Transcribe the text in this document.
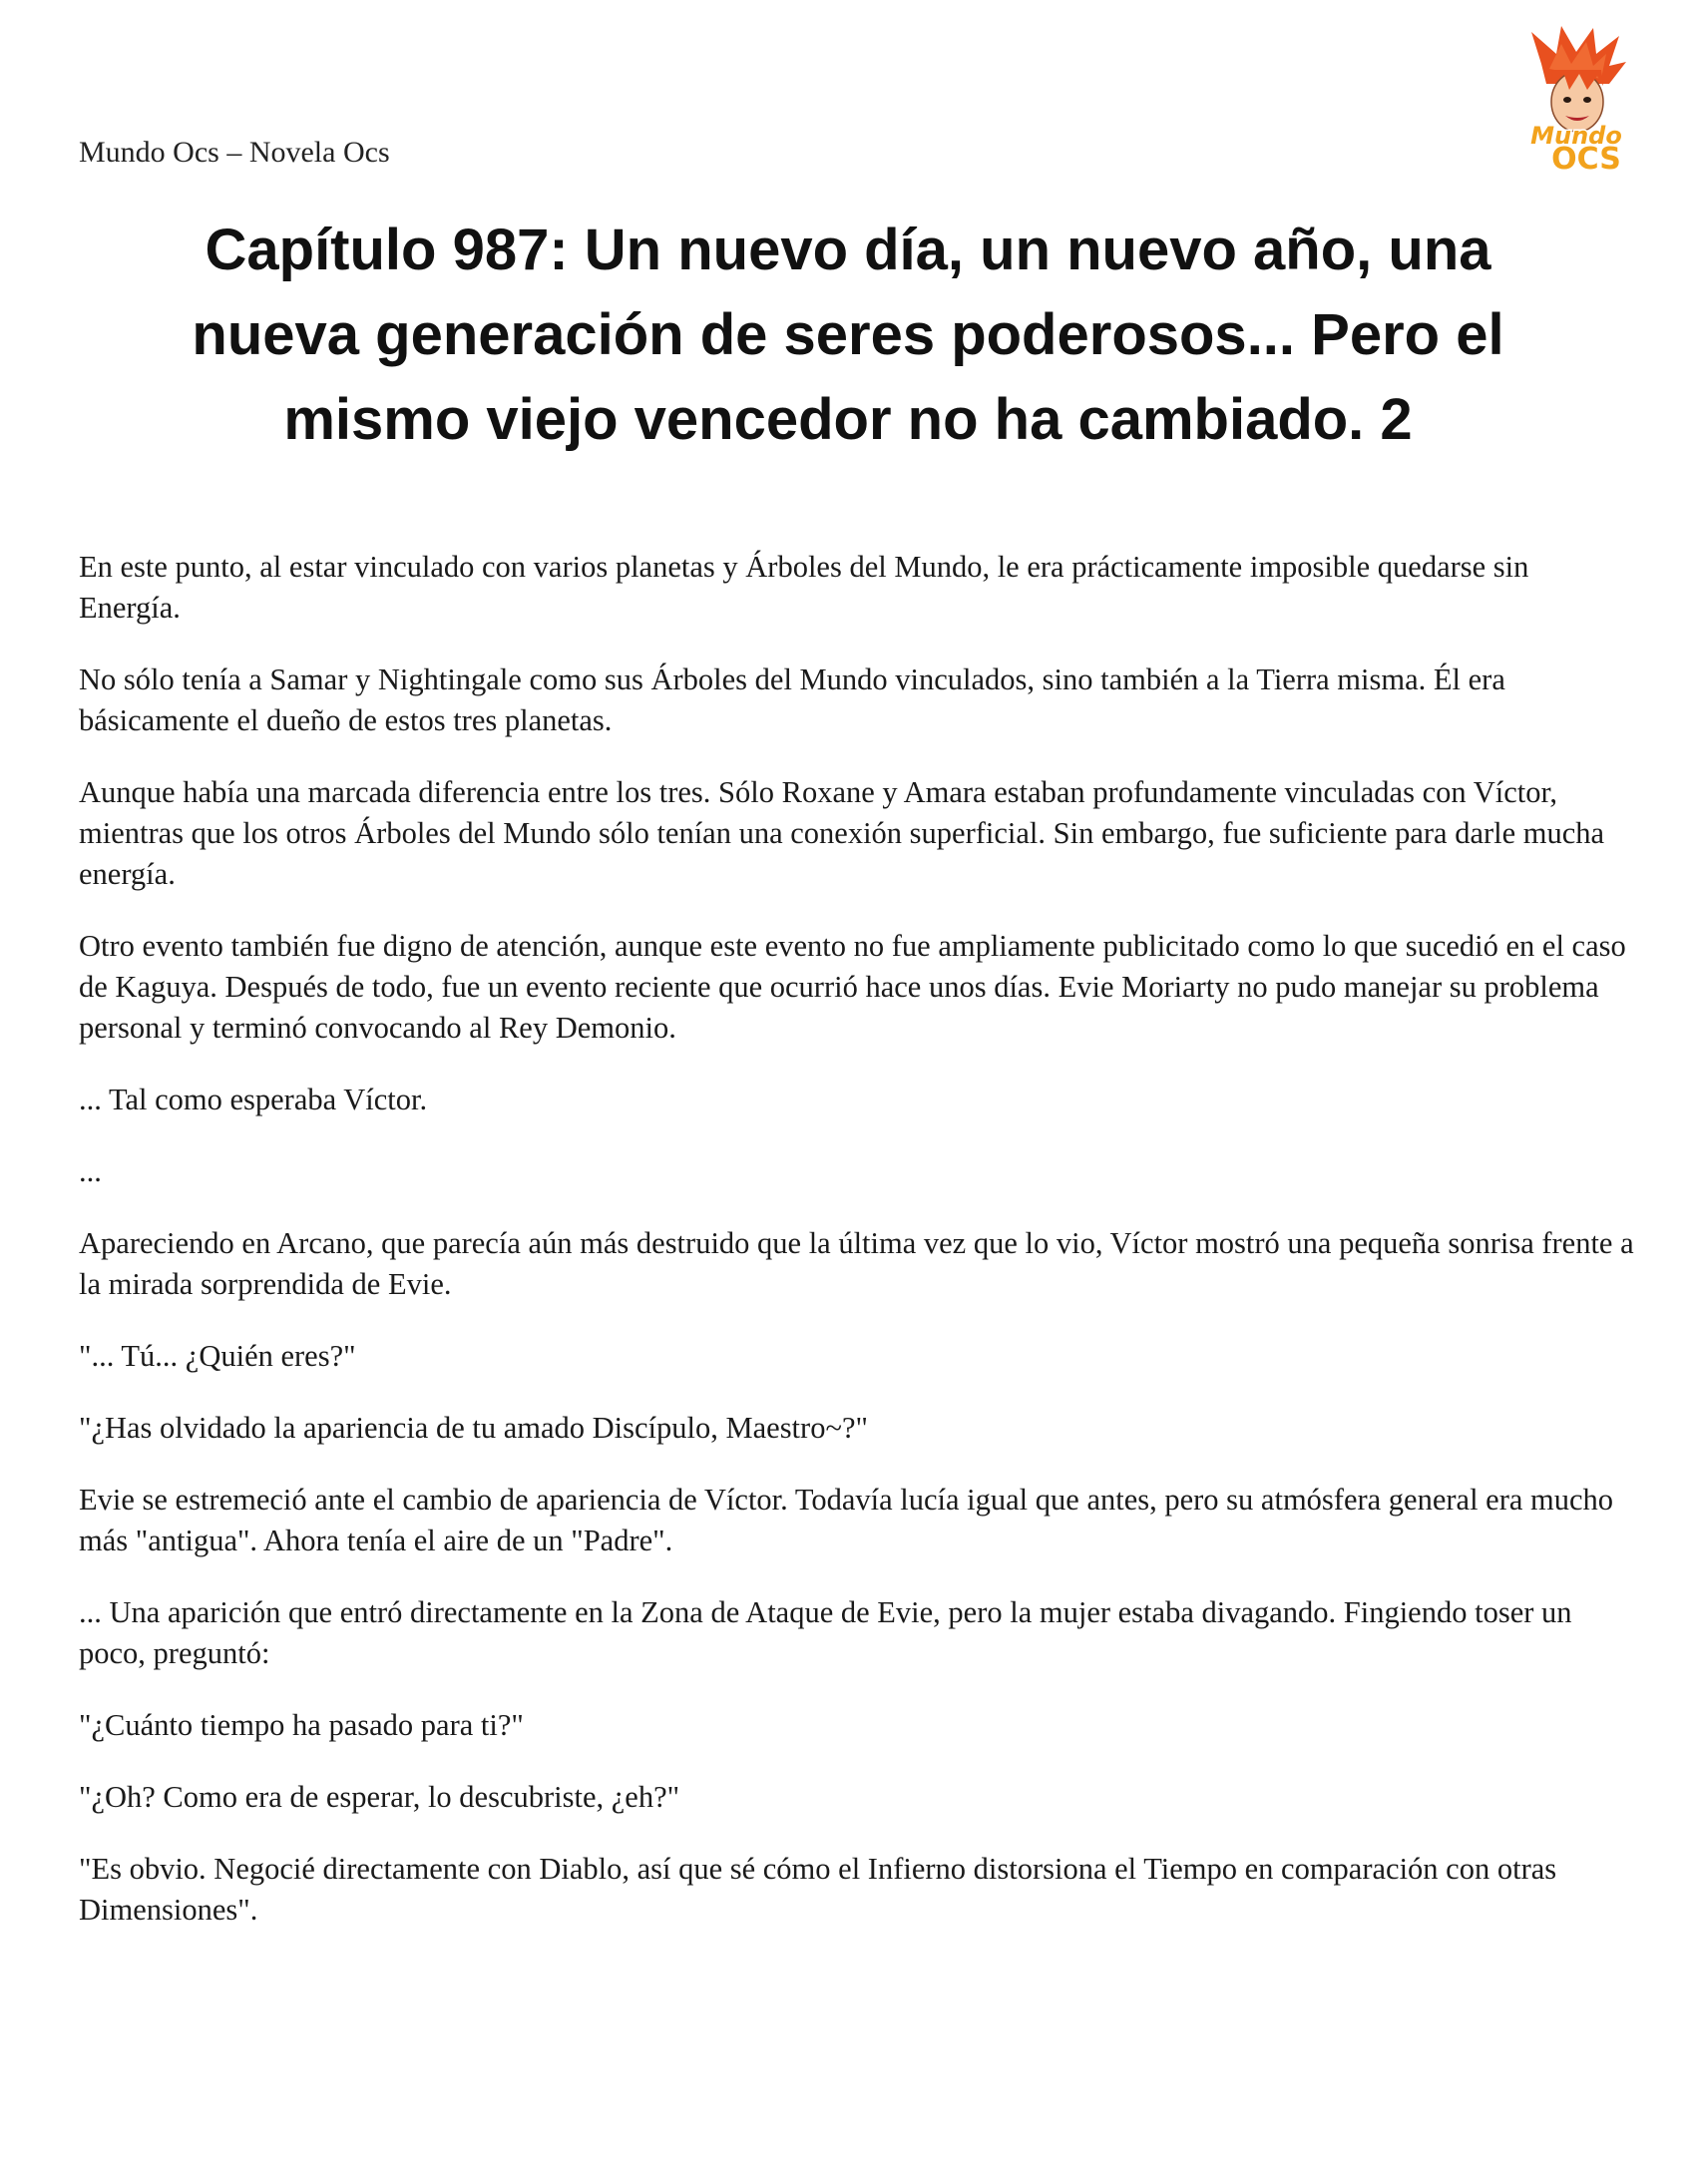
Mundo Ocs – Novela Ocs	Mundo
OCS
Capítulo 987: Un nuevo día, un nuevo año, una
nueva generación de seres poderosos... Pero el
mismo viejo vencedor no ha cambiado. 2

En este punto, al estar vinculado con varios planetas y Árboles del Mundo, le era prácticamente imposible quedarse sin Energía.

No sólo tenía a Samar y Nightingale como sus Árboles del Mundo vinculados, sino también a la Tierra misma. Él era básicamente el dueño de estos tres planetas.

Aunque había una marcada diferencia entre los tres. Sólo Roxane y Amara estaban profundamente vinculadas con Víctor, mientras que los otros Árboles del Mundo sólo tenían una conexión superficial. Sin embargo, fue suficiente para darle mucha energía.

Otro evento también fue digno de atención, aunque este evento no fue ampliamente publicitado como lo que sucedió en el caso de Kaguya. Después de todo, fue un evento reciente que ocurrió hace unos días. Evie Moriarty no pudo manejar su problema personal y terminó convocando al Rey Demonio.

... Tal como esperaba Víctor.

...

Apareciendo en Arcano, que parecía aún más destruido que la última vez que lo vio, Víctor mostró una pequeña sonrisa frente a la mirada sorprendida de Evie.

"... Tú... ¿Quién eres?"

"¿Has olvidado la apariencia de tu amado Discípulo, Maestro~?"

Evie se estremeció ante el cambio de apariencia de Víctor. Todavía lucía igual que antes, pero su atmósfera general era mucho más "antigua". Ahora tenía el aire de un "Padre".

... Una aparición que entró directamente en la Zona de Ataque de Evie, pero la mujer estaba divagando. Fingiendo toser un poco, preguntó:

"¿Cuánto tiempo ha pasado para ti?"

"¿Oh? Como era de esperar, lo descubriste, ¿eh?"

"Es obvio. Negocié directamente con Diablo, así que sé cómo el Infierno distorsiona el Tiempo en comparación con otras Dimensiones".
